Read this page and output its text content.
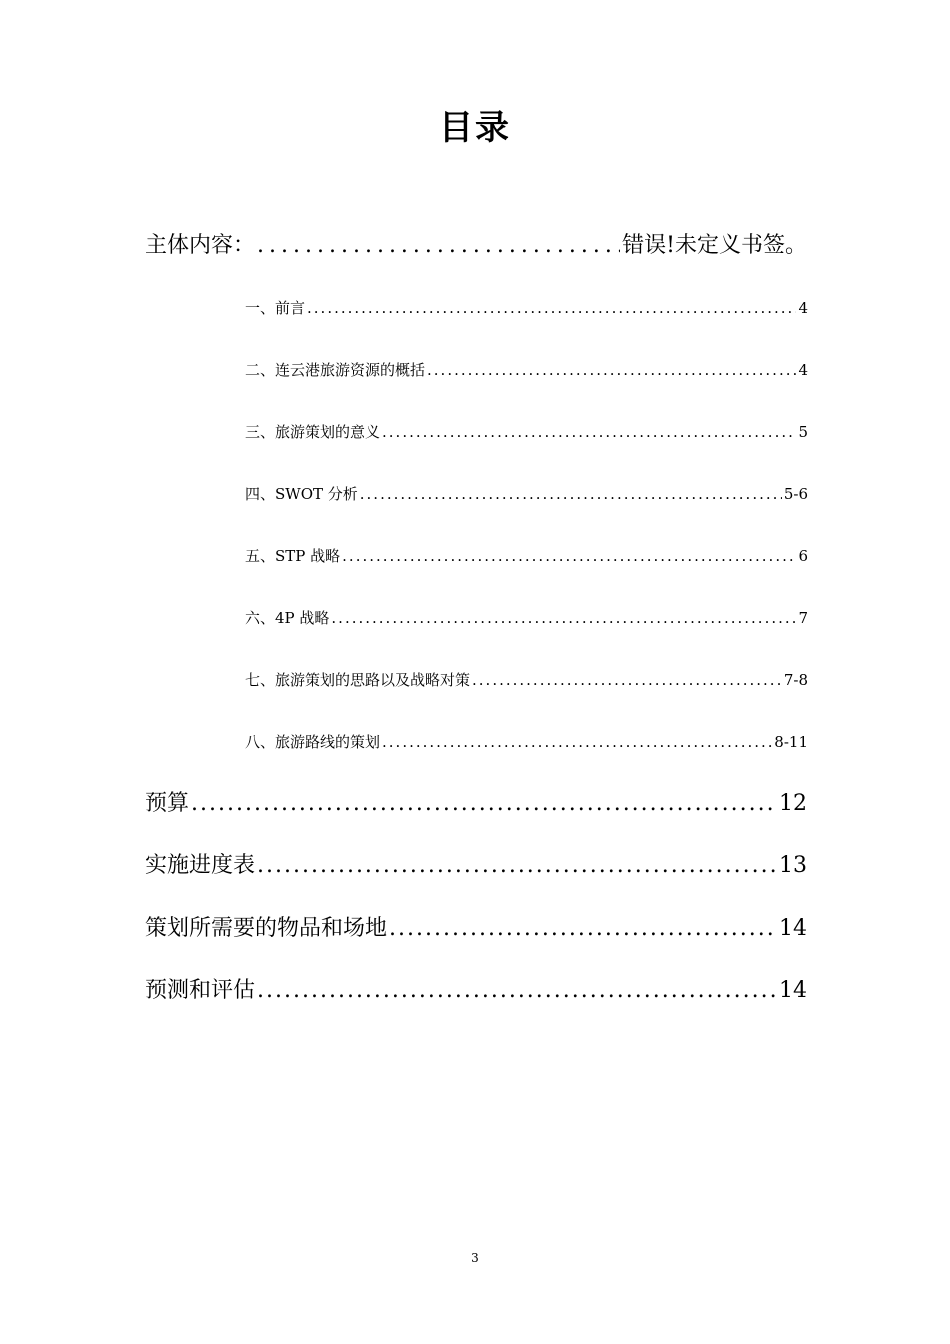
目录
主体内容： .....	错误!未定义书签。
一、前言 .....	4
二、连云港旅游资源的概括 .....	4
三、旅游策划的意义 .....	5
四、SWOT 分析 .....	5-6
五、STP 战略 .....	6
六、4P 战略 .....	7
七、旅游策划的思路以及战略对策 .....	7-8
八、旅游路线的策划 .....	8-11
预算 .....	12
实施进度表 .....	13
策划所需要的物品和场地 .....	14
预测和评估 .....	14
3
